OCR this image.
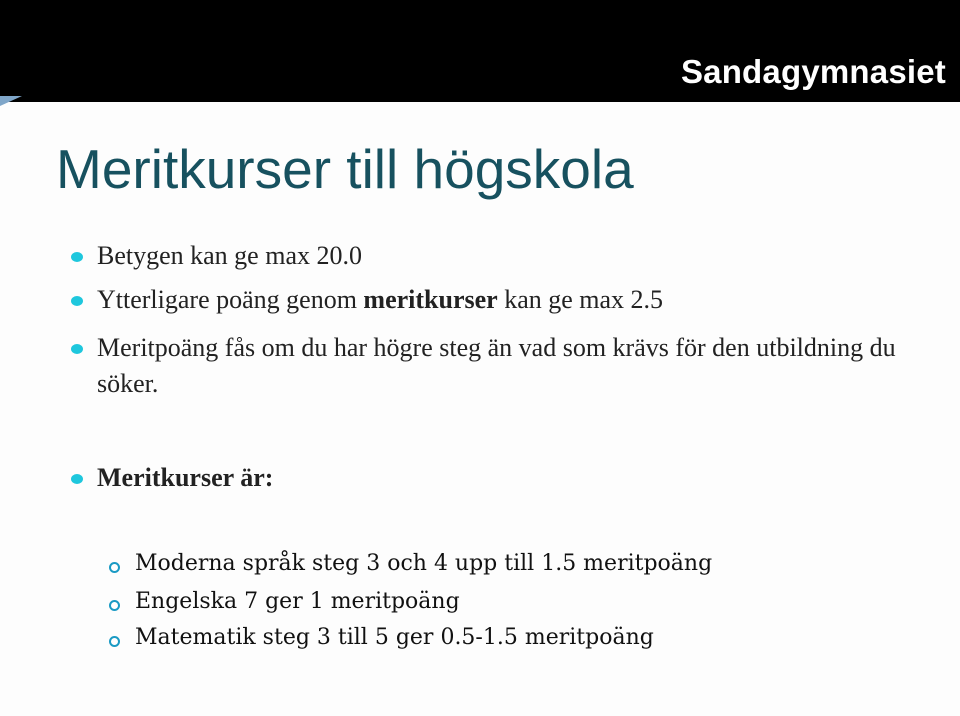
Sandagymnasiet
Meritkurser till högskola
Betygen kan ge max 20.0
Ytterligare poäng genom meritkurser kan ge max 2.5
Meritpoäng fås om du har högre steg än vad som krävs för den utbildning du söker.
Meritkurser är:
Moderna språk steg 3 och 4 upp till 1.5 meritpoäng
Engelska 7 ger 1 meritpoäng
Matematik steg 3 till 5 ger 0.5-1.5 meritpoäng
